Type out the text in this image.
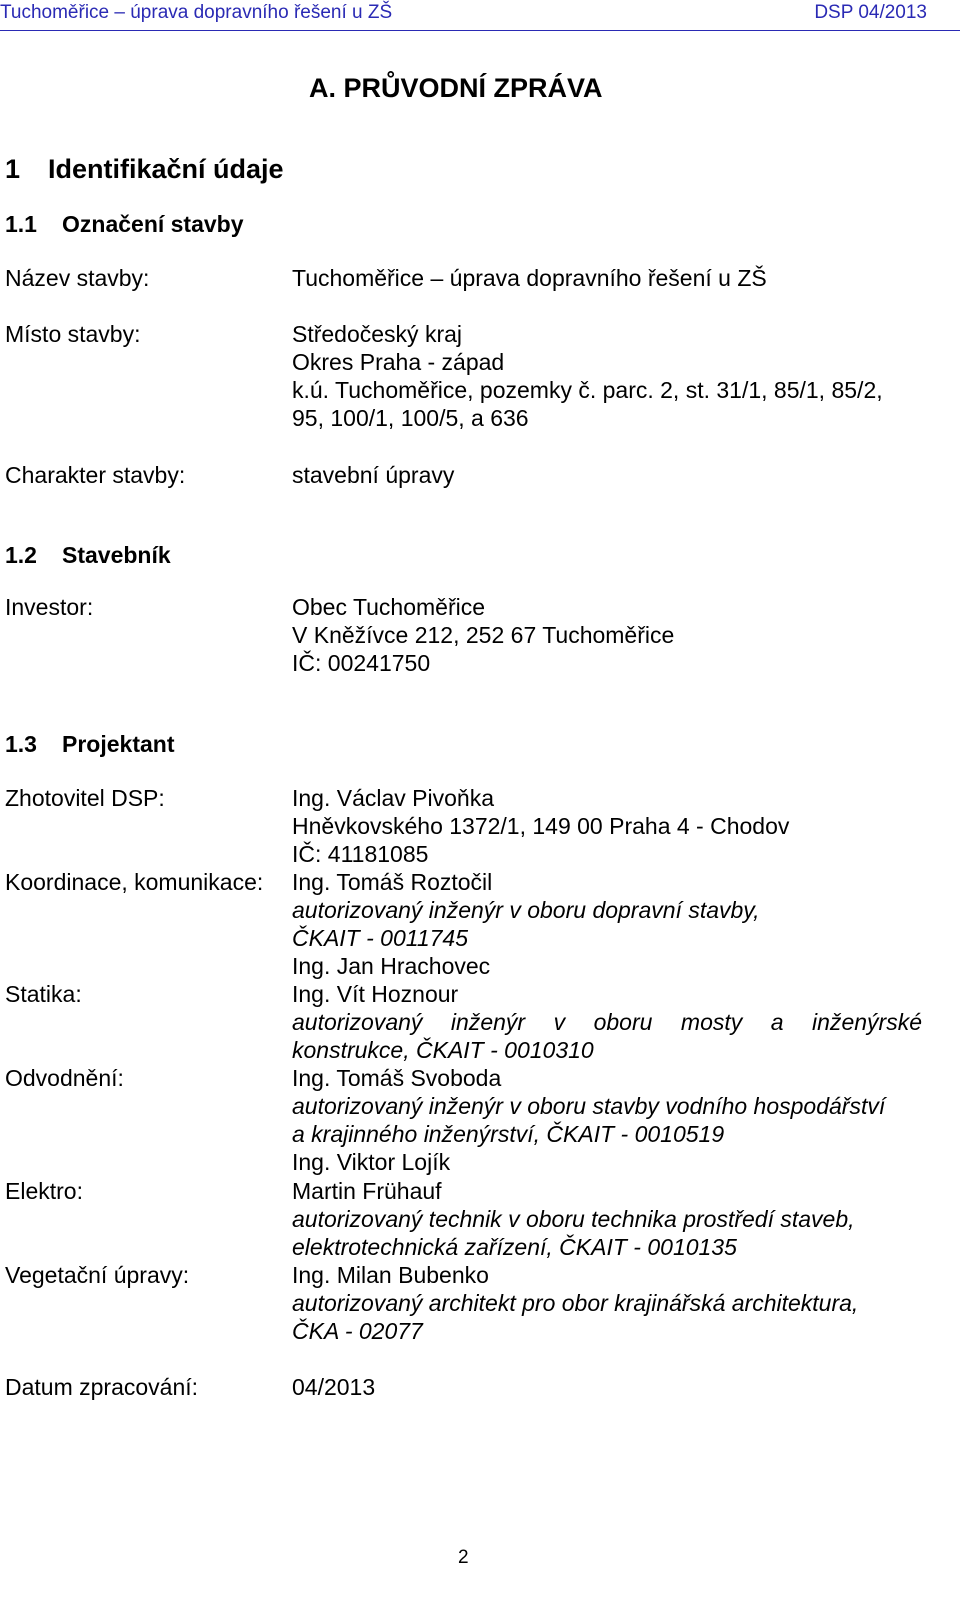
Tuchoměřice – úprava dopravního řešení u ZŠ	DSP 04/2013
A. PRŮVODNÍ ZPRÁVA
1 Identifikační údaje
1.1 Označení stavby
Název stavby:	Tuchoměřice – úprava dopravního řešení u ZŠ
Místo stavby:	Středočeský kraj
Okres Praha - západ
k.ú. Tuchoměřice, pozemky č. parc. 2, st. 31/1, 85/1, 85/2,
95, 100/1, 100/5, a 636
Charakter stavby:	stavební úpravy
1.2 Stavebník
Investor:	Obec Tuchoměřice
V Kněžívce 212, 252 67 Tuchoměřice
IČ: 00241750
1.3 Projektant
Zhotovitel DSP:	Ing. Václav Pivoňka
Hněvkovského 1372/1, 149 00 Praha 4 - Chodov
IČ: 41181085
Koordinace, komunikace: Ing. Tomáš Roztočil
autorizovaný inženýr v oboru dopravní stavby,
ČKAIT - 0011745
Ing. Jan Hrachovec
Statika:	Ing. Vít Hoznour
autorizovaný inženýr v oboru mosty a inženýrské
konstrukce, ČKAIT - 0010310
Odvodnění:	Ing. Tomáš Svoboda
autorizovaný inženýr v oboru stavby vodního hospodářství
a krajinného inženýrství, ČKAIT - 0010519
Ing. Viktor Lojík
Elektro:	Martin Frühauf
autorizovaný technik v oboru technika prostředí staveb,
elektrotechnická zařízení, ČKAIT - 0010135
Vegetační úpravy:	Ing. Milan Bubenko
autorizovaný architekt pro obor krajinářská architektura,
ČKA - 02077
Datum zpracování:	04/2013
2
